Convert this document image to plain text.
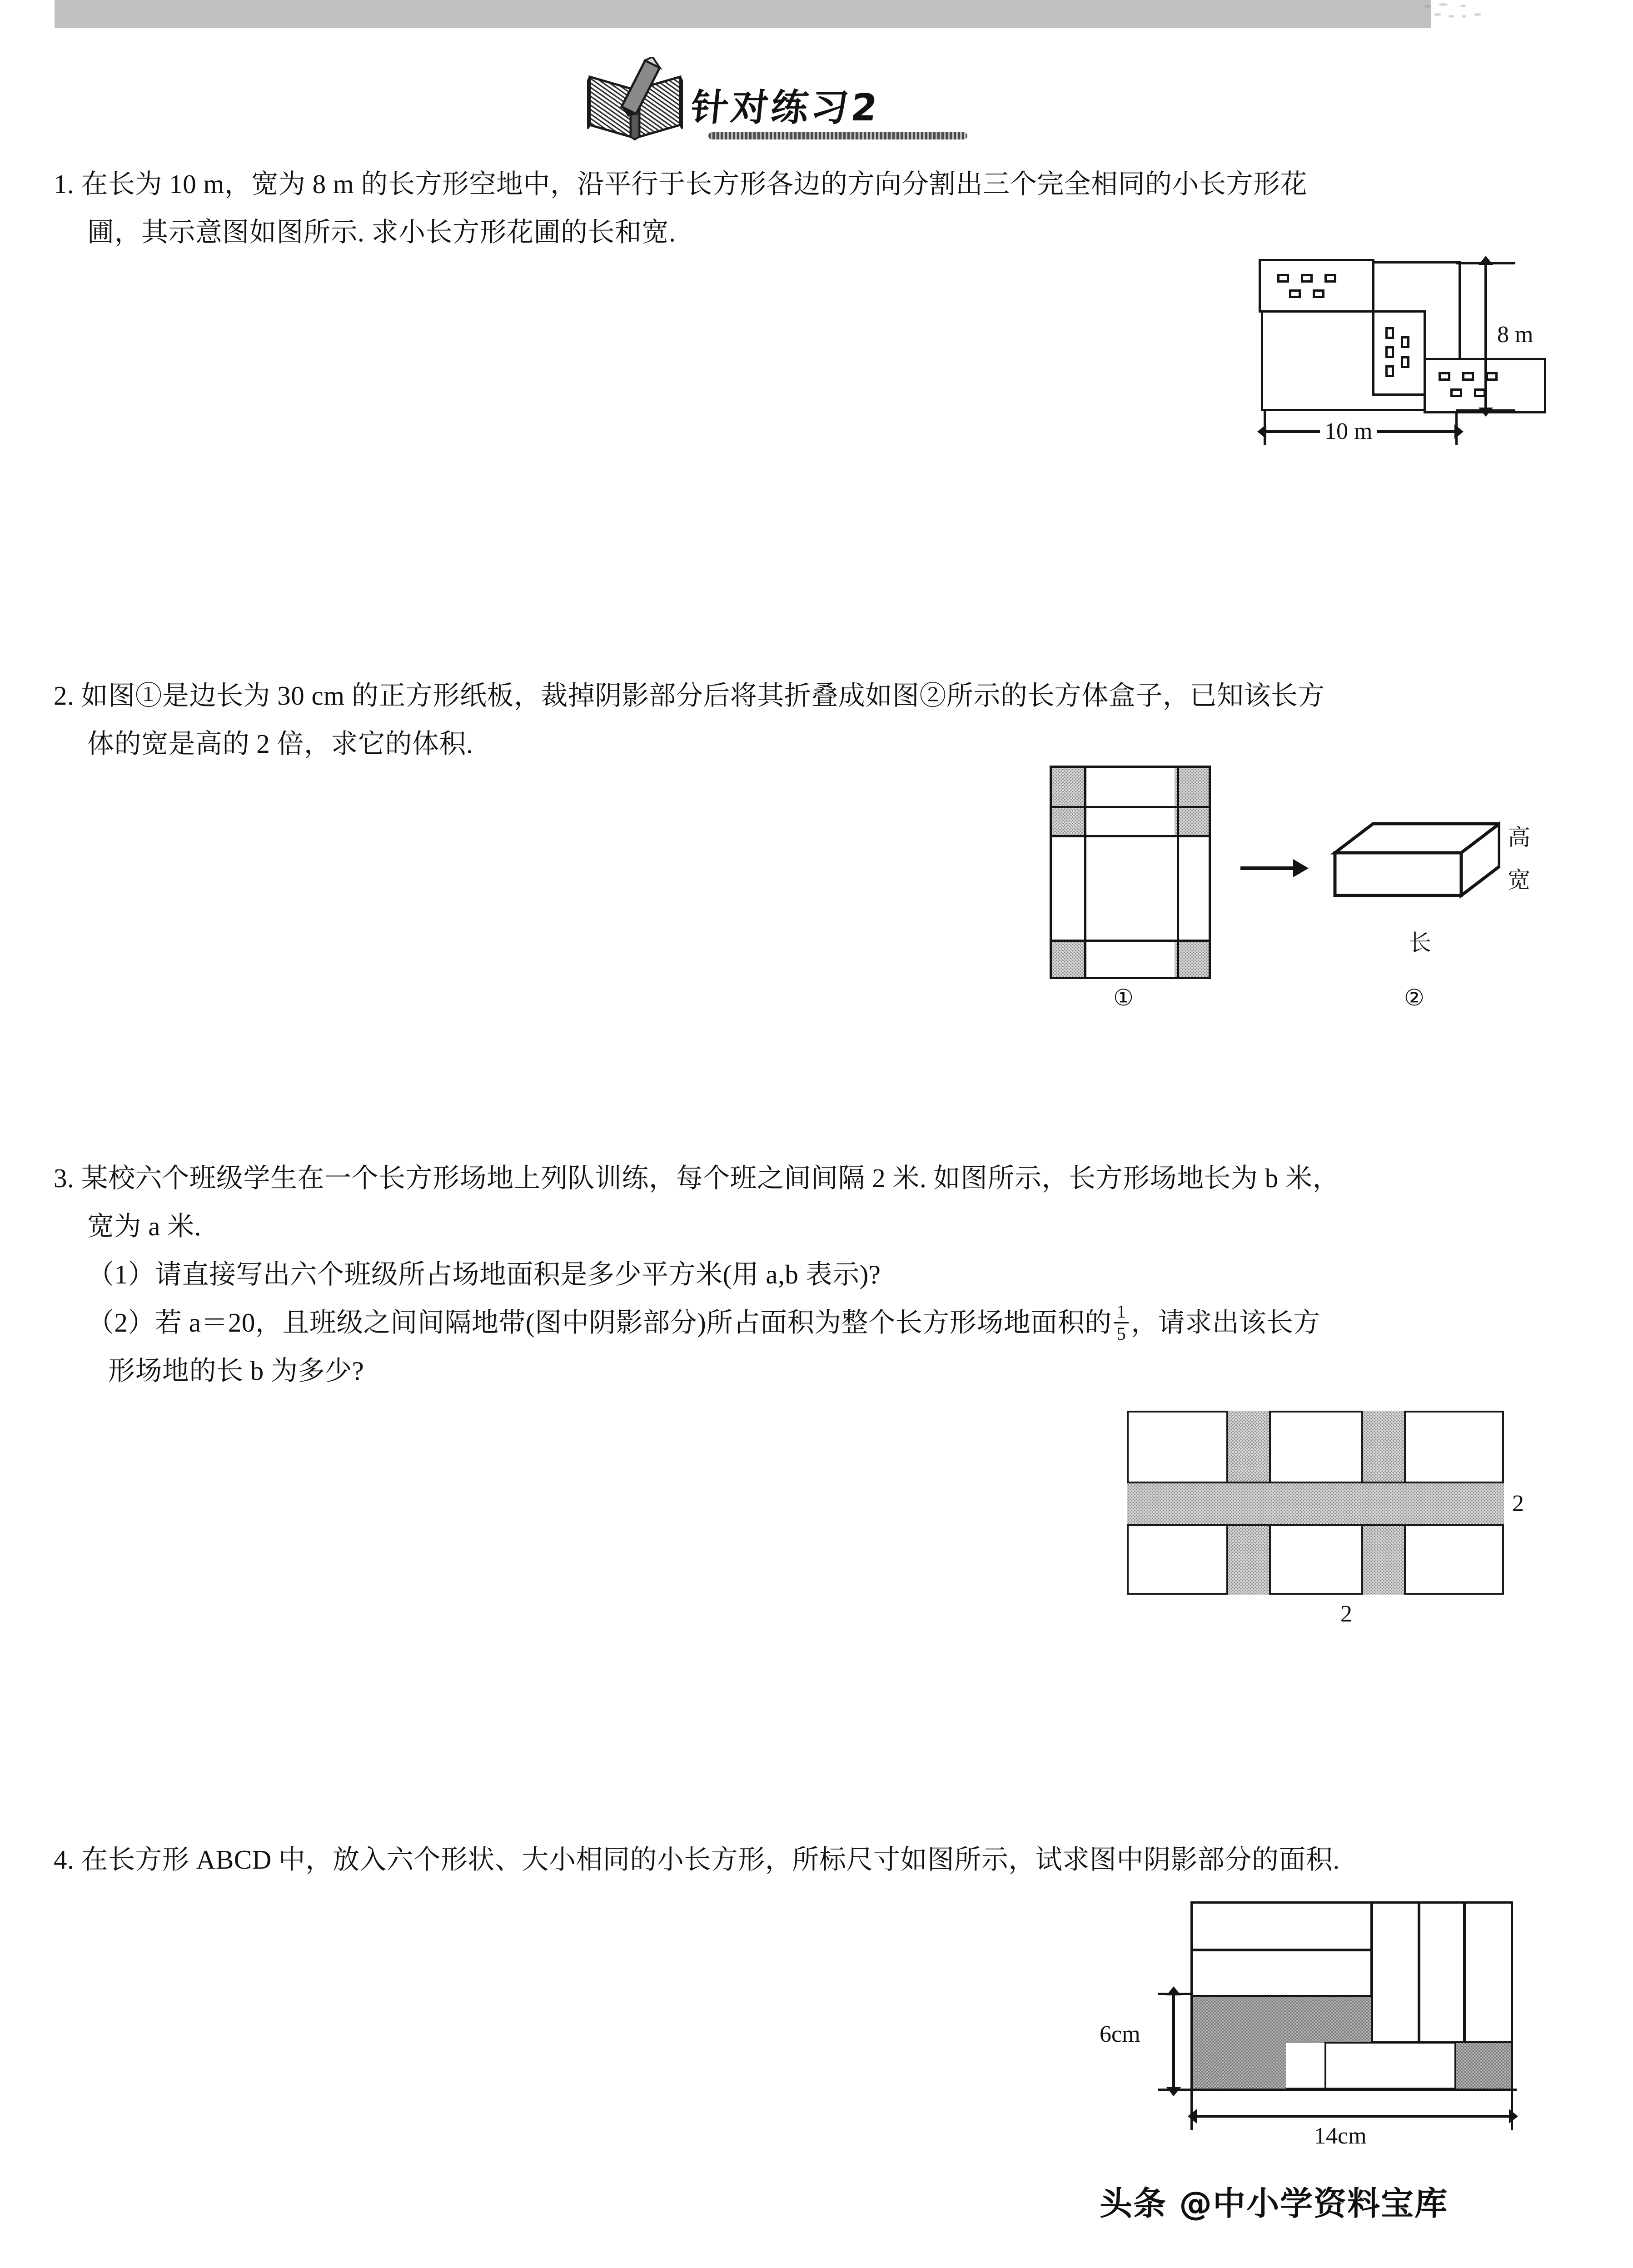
针对练习2
1. 在长为 10 m，宽为 8 m 的长方形空地中，沿平行于长方形各边的方向分割出三个完全相同的小长方形花
圃，其示意图如图所示. 求小长方形花圃的长和宽.
8 m
10 m
2. 如图①是边长为 30 cm 的正方形纸板，裁掉阴影部分后将其折叠成如图②所示的长方体盒子，已知该长方
体的宽是高的 2 倍，求它的体积.
①
高
宽
长
②
3. 某校六个班级学生在一个长方形场地上列队训练，每个班之间间隔 2 米. 如图所示，长方形场地长为 b 米，
宽为 a 米.
（1）请直接写出六个班级所占场地面积是多少平方米(用 a,b 表示)?
（2）若 a＝20，且班级之间间隔地带(图中阴影部分)所占面积为整个长方形场地面积的 $\frac{1}{5}$ ，请求出该长方
形场地的长 b 为多少?
2
2
4. 在长方形 ABCD 中，放入六个形状、大小相同的小长方形，所标尺寸如图所示，试求图中阴影部分的面积.
6cm
14cm
头条 @中小学资料宝库
